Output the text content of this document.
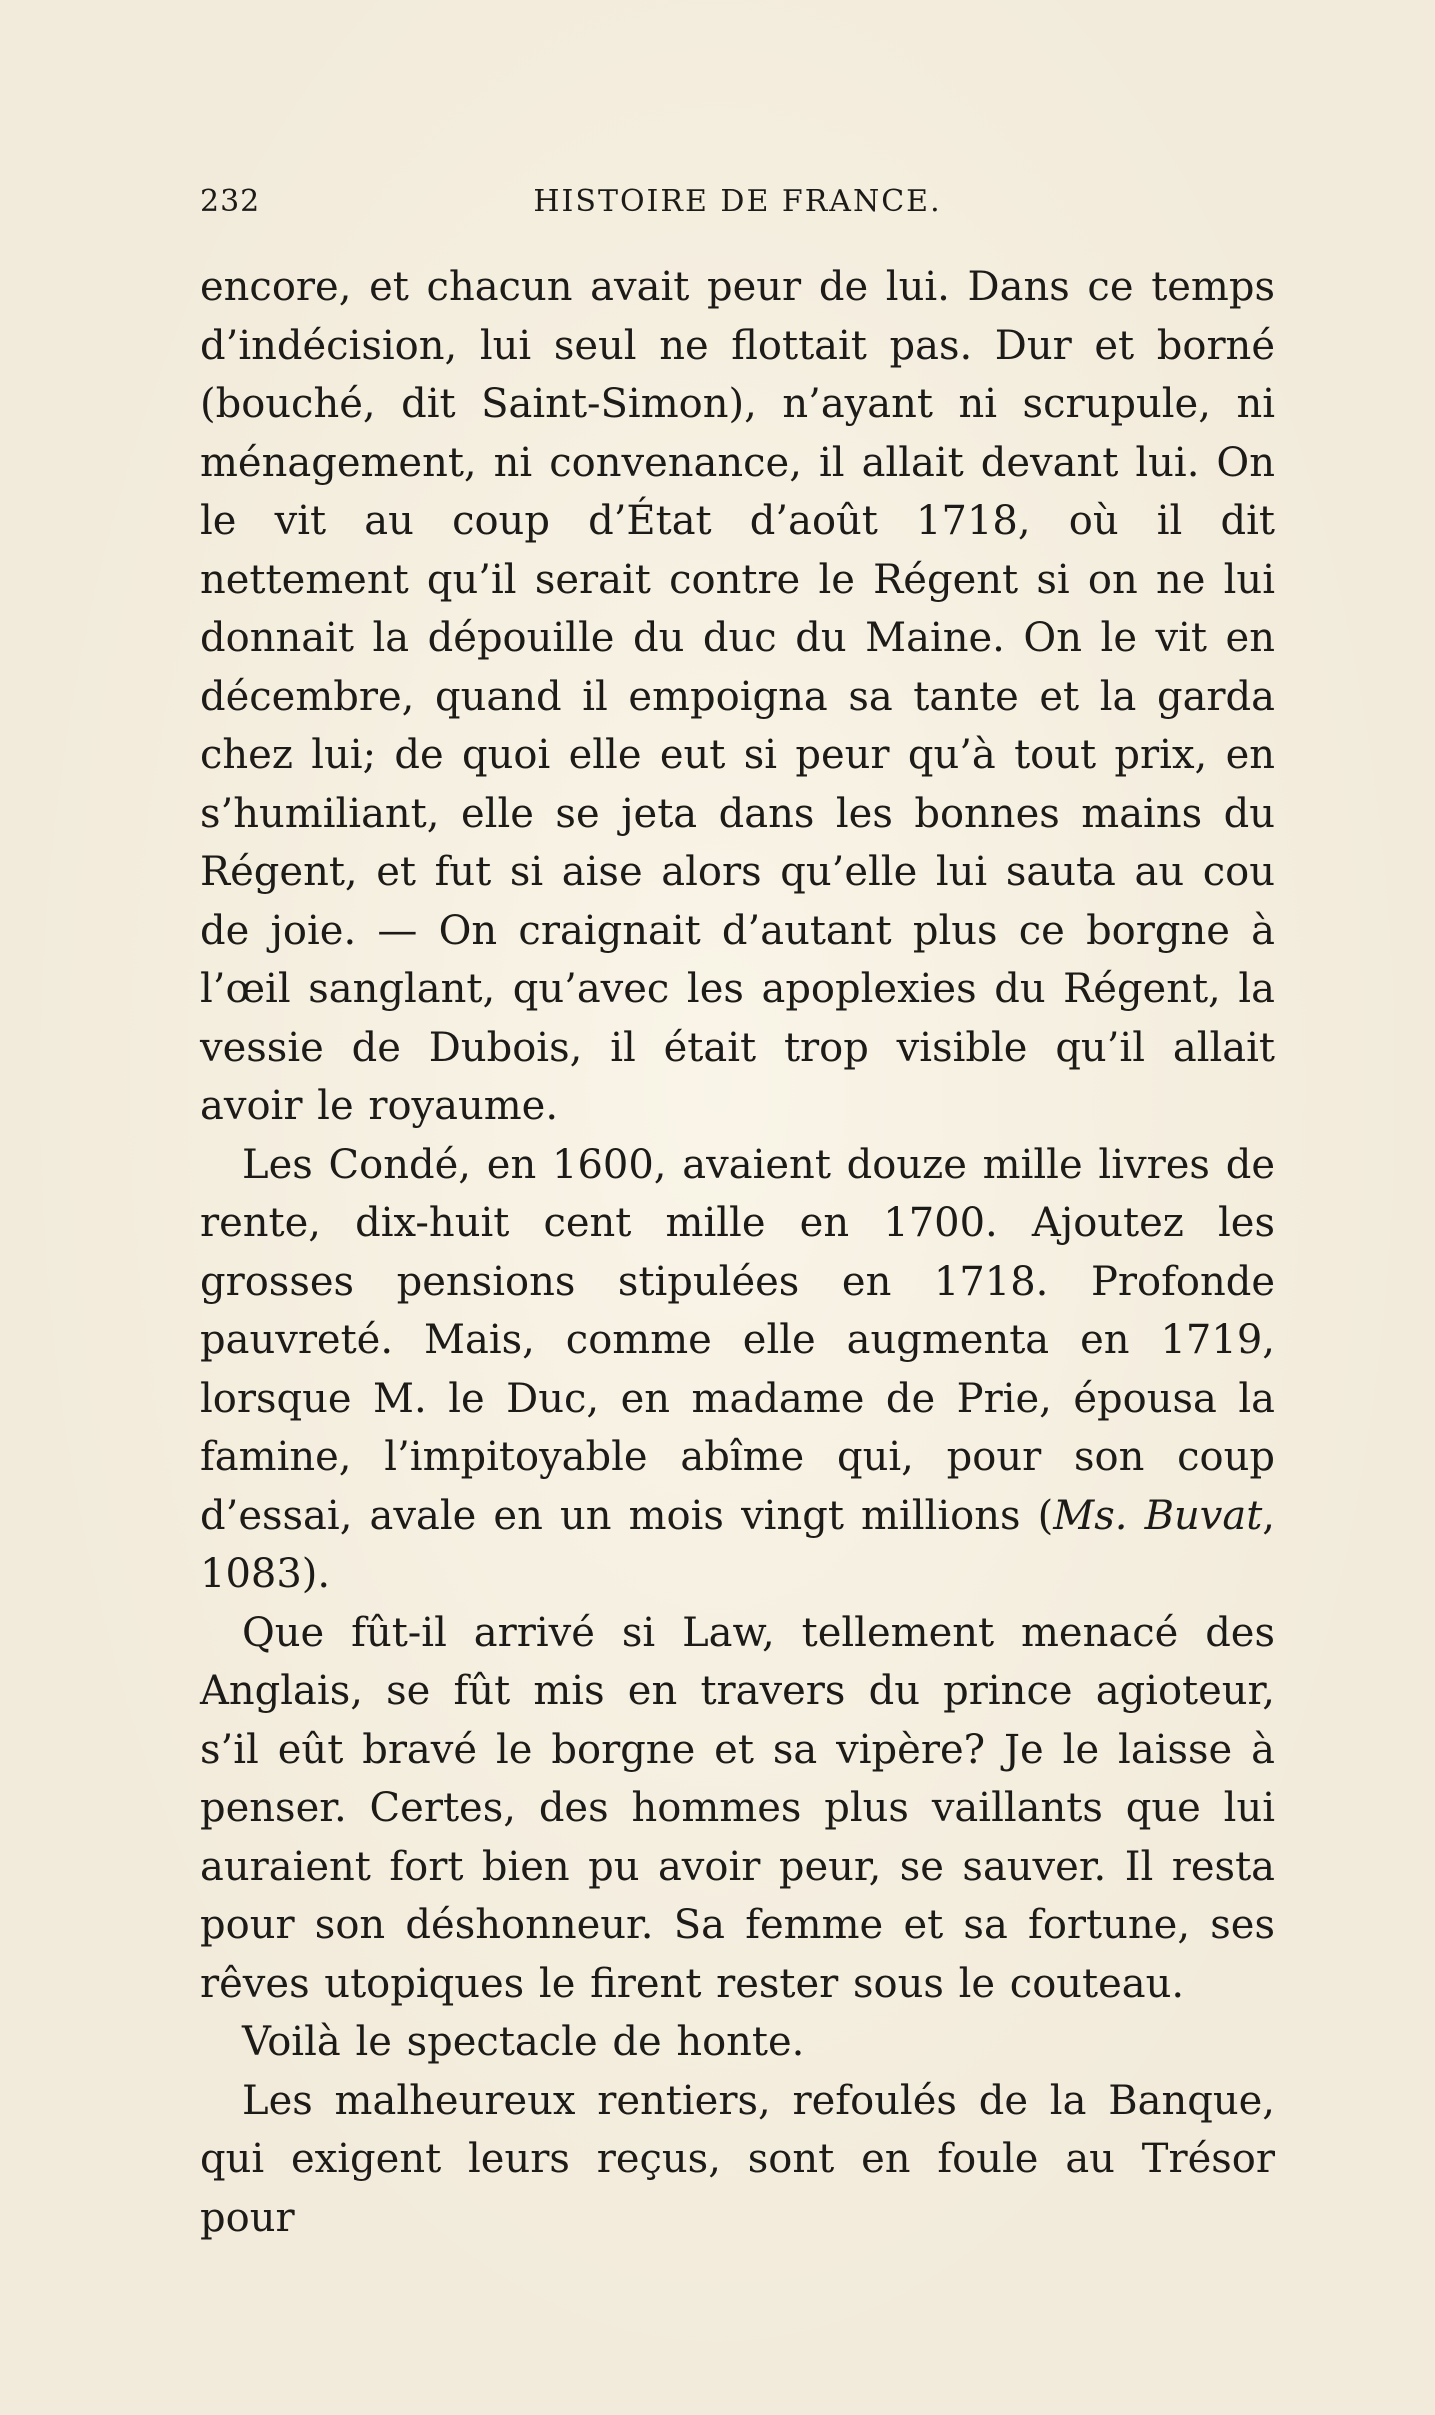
232	HISTOIRE DE FRANCE.

encore, et chacun avait peur de lui. Dans ce temps d’indécision, lui seul ne flottait pas. Dur et borné (bouché, dit Saint-Simon), n’ayant ni scrupule, ni ménagement, ni convenance, il allait devant lui. On le vit au coup d’État d’août 1718, où il dit nettement qu’il serait contre le Régent si on ne lui donnait la dépouille du duc du Maine. On le vit en décembre, quand il empoigna sa tante et la garda chez lui; de quoi elle eut si peur qu’à tout prix, en s’humiliant, elle se jeta dans les bonnes mains du Régent, et fut si aise alors qu’elle lui sauta au cou de joie. — On craignait d’autant plus ce borgne à l’œil sanglant, qu’avec les apoplexies du Régent, la vessie de Dubois, il était trop visible qu’il allait avoir le royaume.

Les Condé, en 1600, avaient douze mille livres de rente, dix-huit cent mille en 1700. Ajoutez les grosses pensions stipulées en 1718. Profonde pauvreté. Mais, comme elle augmenta en 1719, lorsque M. le Duc, en madame de Prie, épousa la famine, l’impitoyable abîme qui, pour son coup d’essai, avale en un mois vingt millions (Ms. Buvat, 1083).

Que fût-il arrivé si Law, tellement menacé des Anglais, se fût mis en travers du prince agioteur, s’il eût bravé le borgne et sa vipère? Je le laisse à penser. Certes, des hommes plus vaillants que lui auraient fort bien pu avoir peur, se sauver. Il resta pour son déshonneur. Sa femme et sa fortune, ses rêves utopiques le firent rester sous le couteau.

Voilà le spectacle de honte.

Les malheureux rentiers, refoulés de la Banque, qui exigent leurs reçus, sont en foule au Trésor pour
